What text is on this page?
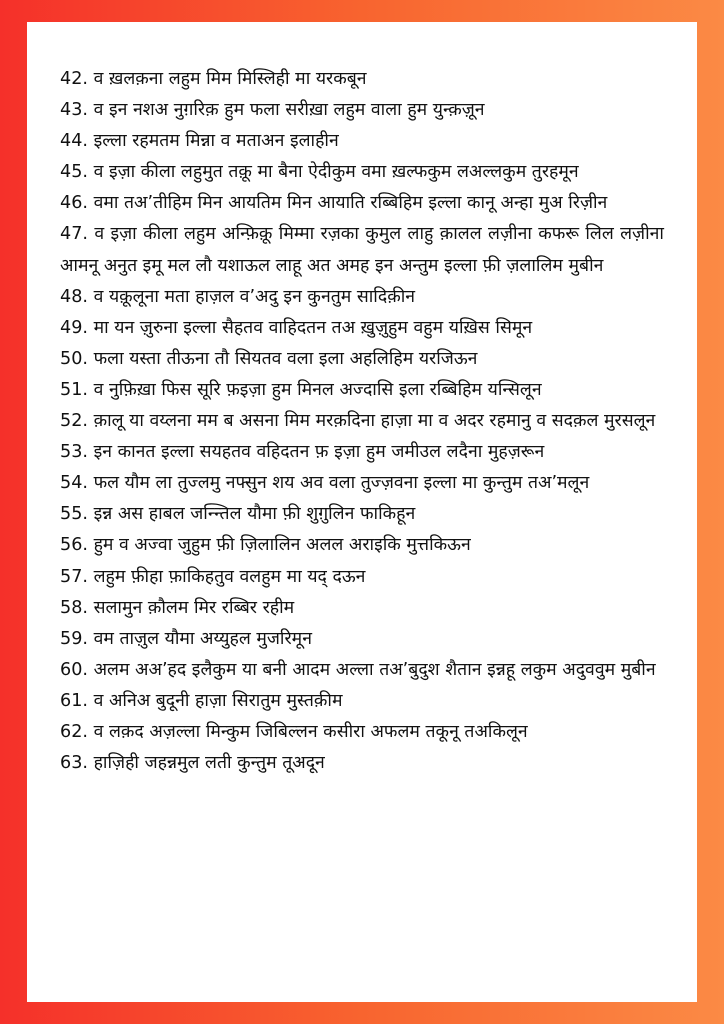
42. व ख़लक़ना लहुम मिम मिस्लिही मा यरकबून

43. व इन नशअ नुग़रिक़ हुम फला सरीख़ा लहुम वाला हुम युन्क़ज़ून

44. इल्ला रहमतम मिन्ना व मताअन इलाहीन

45. व इज़ा कीला लहुमुत तक़ू मा बैना ऐदीकुम वमा ख़ल्फकुम लअल्लकुम तुरहमून

46. वमा तअ’तीहिम मिन आयतिम मिन आयाति रब्बिहिम इल्ला कानू अन्हा मुअ रिज़ीन

47. व इज़ा कीला लहुम अन्फ़िक़ू मिम्मा रज़का कुमुल लाहु क़ालल लज़ीना कफरू लिल लज़ीना आमनू अनुत इमू मल लौ यशाऊल लाहू अत अमह इन अन्तुम इल्ला फ़ी ज़लालिम मुबीन

48. व यक़ूलूना मता हाज़ल व’अदु इन कुनतुम सादिक़ीन

49. मा यन ज़ुरुना इल्ला सैहतव वाहिदतन तअ ख़ुज़ुहुम वहुम यख़िस सिमून

50. फला यस्ता तीऊना तौ सियतव वला इला अहलिहिम यरजिऊन

51. व नुफ़िख़ा फिस सूरि फ़इज़ा हुम मिनल अज्दासि इला रब्बिहिम यन्सिलून

52. क़ालू या वय्लना मम ब असना मिम मरक़दिना हाज़ा मा व अदर रहमानु व सदक़ल मुरसलून

53. इन कानत इल्ला सयहतव वहिदतन फ़ इज़ा हुम जमीउल लदैना मुहज़रून

54. फल यौम ला तुज्लमु नफ्सुन शय अव वला तुज्ज़वना इल्ला मा कुन्तुम तअ’मलून

55. इन्न अस हाबल जन्न्तिल यौमा फ़ी शुग़ुलिन फाकिहून

56. हुम व अज्वा जुहुम फ़ी ज़िलालिन अलल अराइकि मुत्तकिऊन

57. लहुम फ़ीहा फ़ाकिहतुव वलहुम मा यद् दऊन

58. सलामुन क़ौलम मिर रब्बिर रहीम

59. वम ताज़ुल यौमा अय्युहल मुजरिमून

60. अलम अअ’हद इलैकुम या बनी आदम अल्ला तअ’बुदुश शैतान इन्नहू लकुम अदुववुम मुबीन

61. व अनिअ बुदूनी हाज़ा सिरातुम मुस्तक़ीम

62. व लक़द अज़ल्ला मिन्कुम जिबिल्लन कसीरा अफलम तकूनू तअकिलून

63. हाज़िही जहन्नमुल लती कुन्तुम तूअदून
